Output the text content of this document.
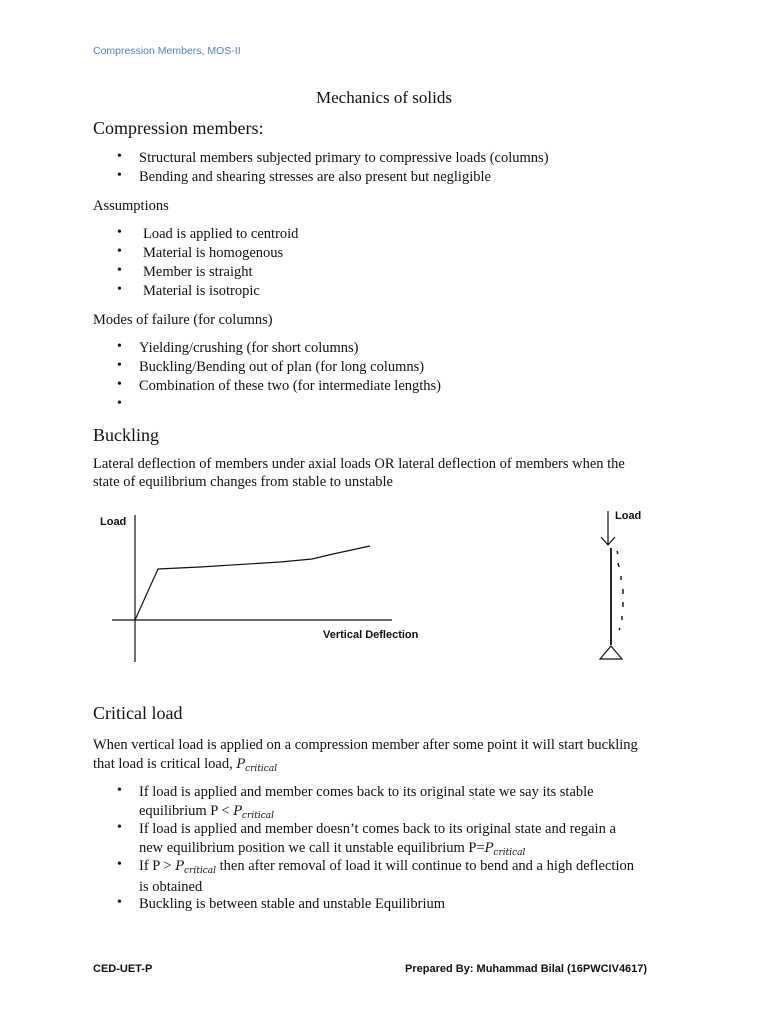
Compression Members, MOS-II
Mechanics of solids
Compression members:
• Structural members subjected primary to compressive loads (columns)
• Bending and shearing stresses are also present but negligible
Assumptions
• Load is applied to centroid
• Material is homogenous
• Member is straight
• Material is isotropic
Modes of failure (for columns)
• Yielding/crushing (for short columns)
• Buckling/Bending out of plan (for long columns)
• Combination of these two (for intermediate lengths)
•
Buckling
Lateral deflection of members under axial loads OR lateral deflection of members when the
state of equilibrium changes from stable to unstable
Load
Vertical Deflection
Load
Critical load
When vertical load is applied on a compression member after some point it will start buckling
that load is critical load, $P_{critical}$
• If load is applied and member comes back to its original state we say its stable
equilibrium $P < P_{critical}$
• If load is applied and member doesn’t comes back to its original state and regain a
new equilibrium position we call it unstable equilibrium $P=P_{critical}$
• If $P > P_{critical}$ then after removal of load it will continue to bend and a high deflection
is obtained
• Buckling is between stable and unstable Equilibrium
CED-UET-P	Prepared By: Muhammad Bilal (16PWCIV4617)
